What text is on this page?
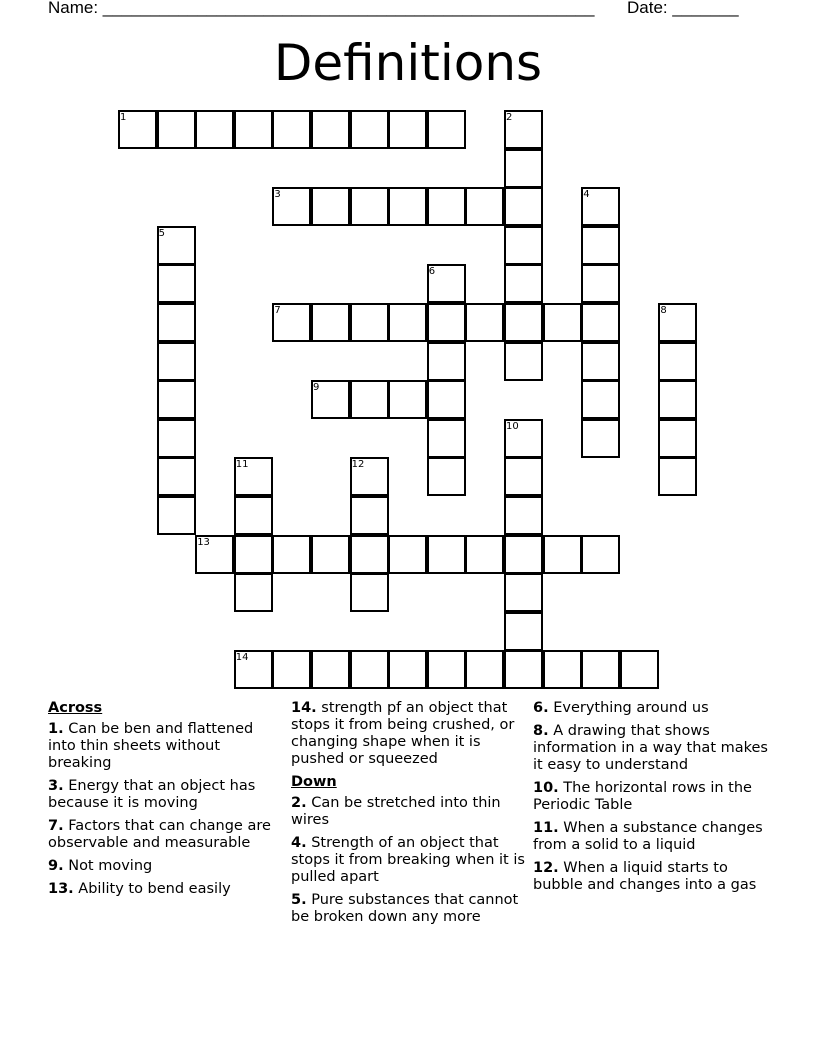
Name: ____________________________________________________ Date: _______
Definitions
1	2
3	4
5
6
7	8
9
10
11	12
13
14
Across
1. Can be ben and flattened into thin sheets without breaking
3. Energy that an object has because it is moving
7. Factors that can change are observable and measurable
9. Not moving
13. Ability to bend easily
14. strength pf an object that stops it from being crushed, or changing shape when it is pushed or squeezed
Down
2. Can be stretched into thin wires
4. Strength of an object that stops it from breaking when it is pulled apart
5. Pure substances that cannot be broken down any more
6. Everything around us
8. A drawing that shows information in a way that makes it easy to understand
10. The horizontal rows in the Periodic Table
11. When a substance changes from a solid to a liquid
12. When a liquid starts to bubble and changes into a gas
